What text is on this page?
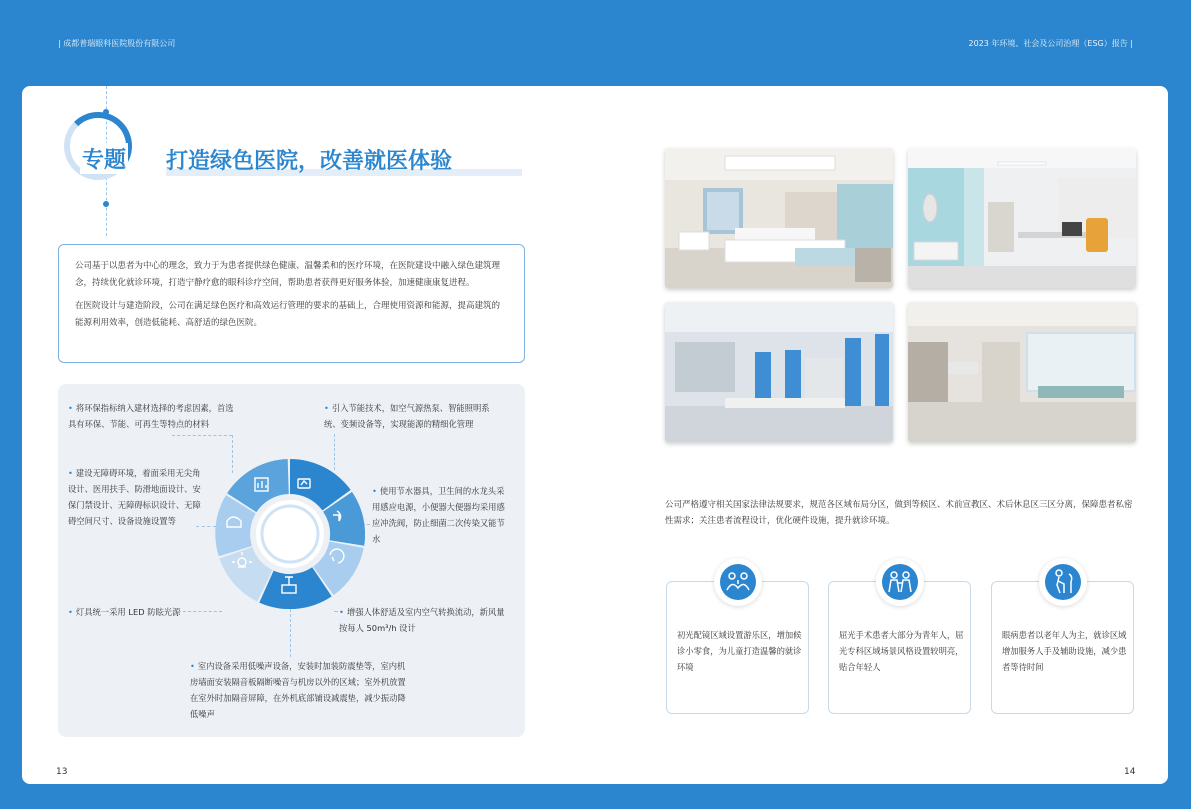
| 成都普瑞眼科医院股份有限公司	2023 年环境、社会及公司治理（ESG）报告 |
专题 打造绿色医院，改善就医体验

公司基于以患者为中心的理念，致力于为患者提供绿色健康、温馨柔和的医疗环境，在医院建设中融入绿色建筑理念，持续优化就诊环境，打造宁静疗愈的眼科诊疗空间，帮助患者获得更好服务体验，加速健康康复进程。

在医院设计与建造阶段，公司在满足绿色医疗和高效运行管理的要求的基础上，合理使用资源和能源，提高建筑的能源利用效率，创造低能耗、高舒适的绿色医院。

• 将环保指标纳入建材选择的考虑因素，首选具有环保、节能、可再生等特点的材料
• 引入节能技术，如空气源热泵、智能照明系统、变频设备等，实现能源的精细化管理
• 建设无障碍环境，着面采用无尖角设计、医用扶手、防滑地面设计、安保门禁设计、无障碍标识设计、无障碍空间尺寸、设备设施设置等
• 使用节水器具，卫生间的水龙头采用感应电源，小便器大便器均采用感应冲洗阀，防止细菌二次传染又能节水
• 灯具统一采用 LED 防眩光源	• 增强人体舒适及室内空气转换流动，新风量按每人 50m³/h 设计
• 室内设备采用低噪声设备，安装时加装防震垫等，室内机房墙面安装隔音板隔断噪音与机房以外的区域；室外机放置在室外时加隔音屏障，在外机底部铺设减震垫，减少振动降低噪声
公司严格遵守相关国家法律法规要求，规范各区域布局分区，做到等候区、术前宣教区、术后休息区三区分离，保障患者私密性需求；关注患者流程设计，优化硬件设施，提升就诊环境。
初光配镜区域设置游乐区，增加候诊小零食，为儿童打造温馨的就诊环境
屈光手术患者大部分为青年人，屈光专科区域场景风格设置较明亮，贴合年轻人
眼病患者以老年人为主，就诊区域增加服务人手及辅助设施，减少患者等待时间
13	14
